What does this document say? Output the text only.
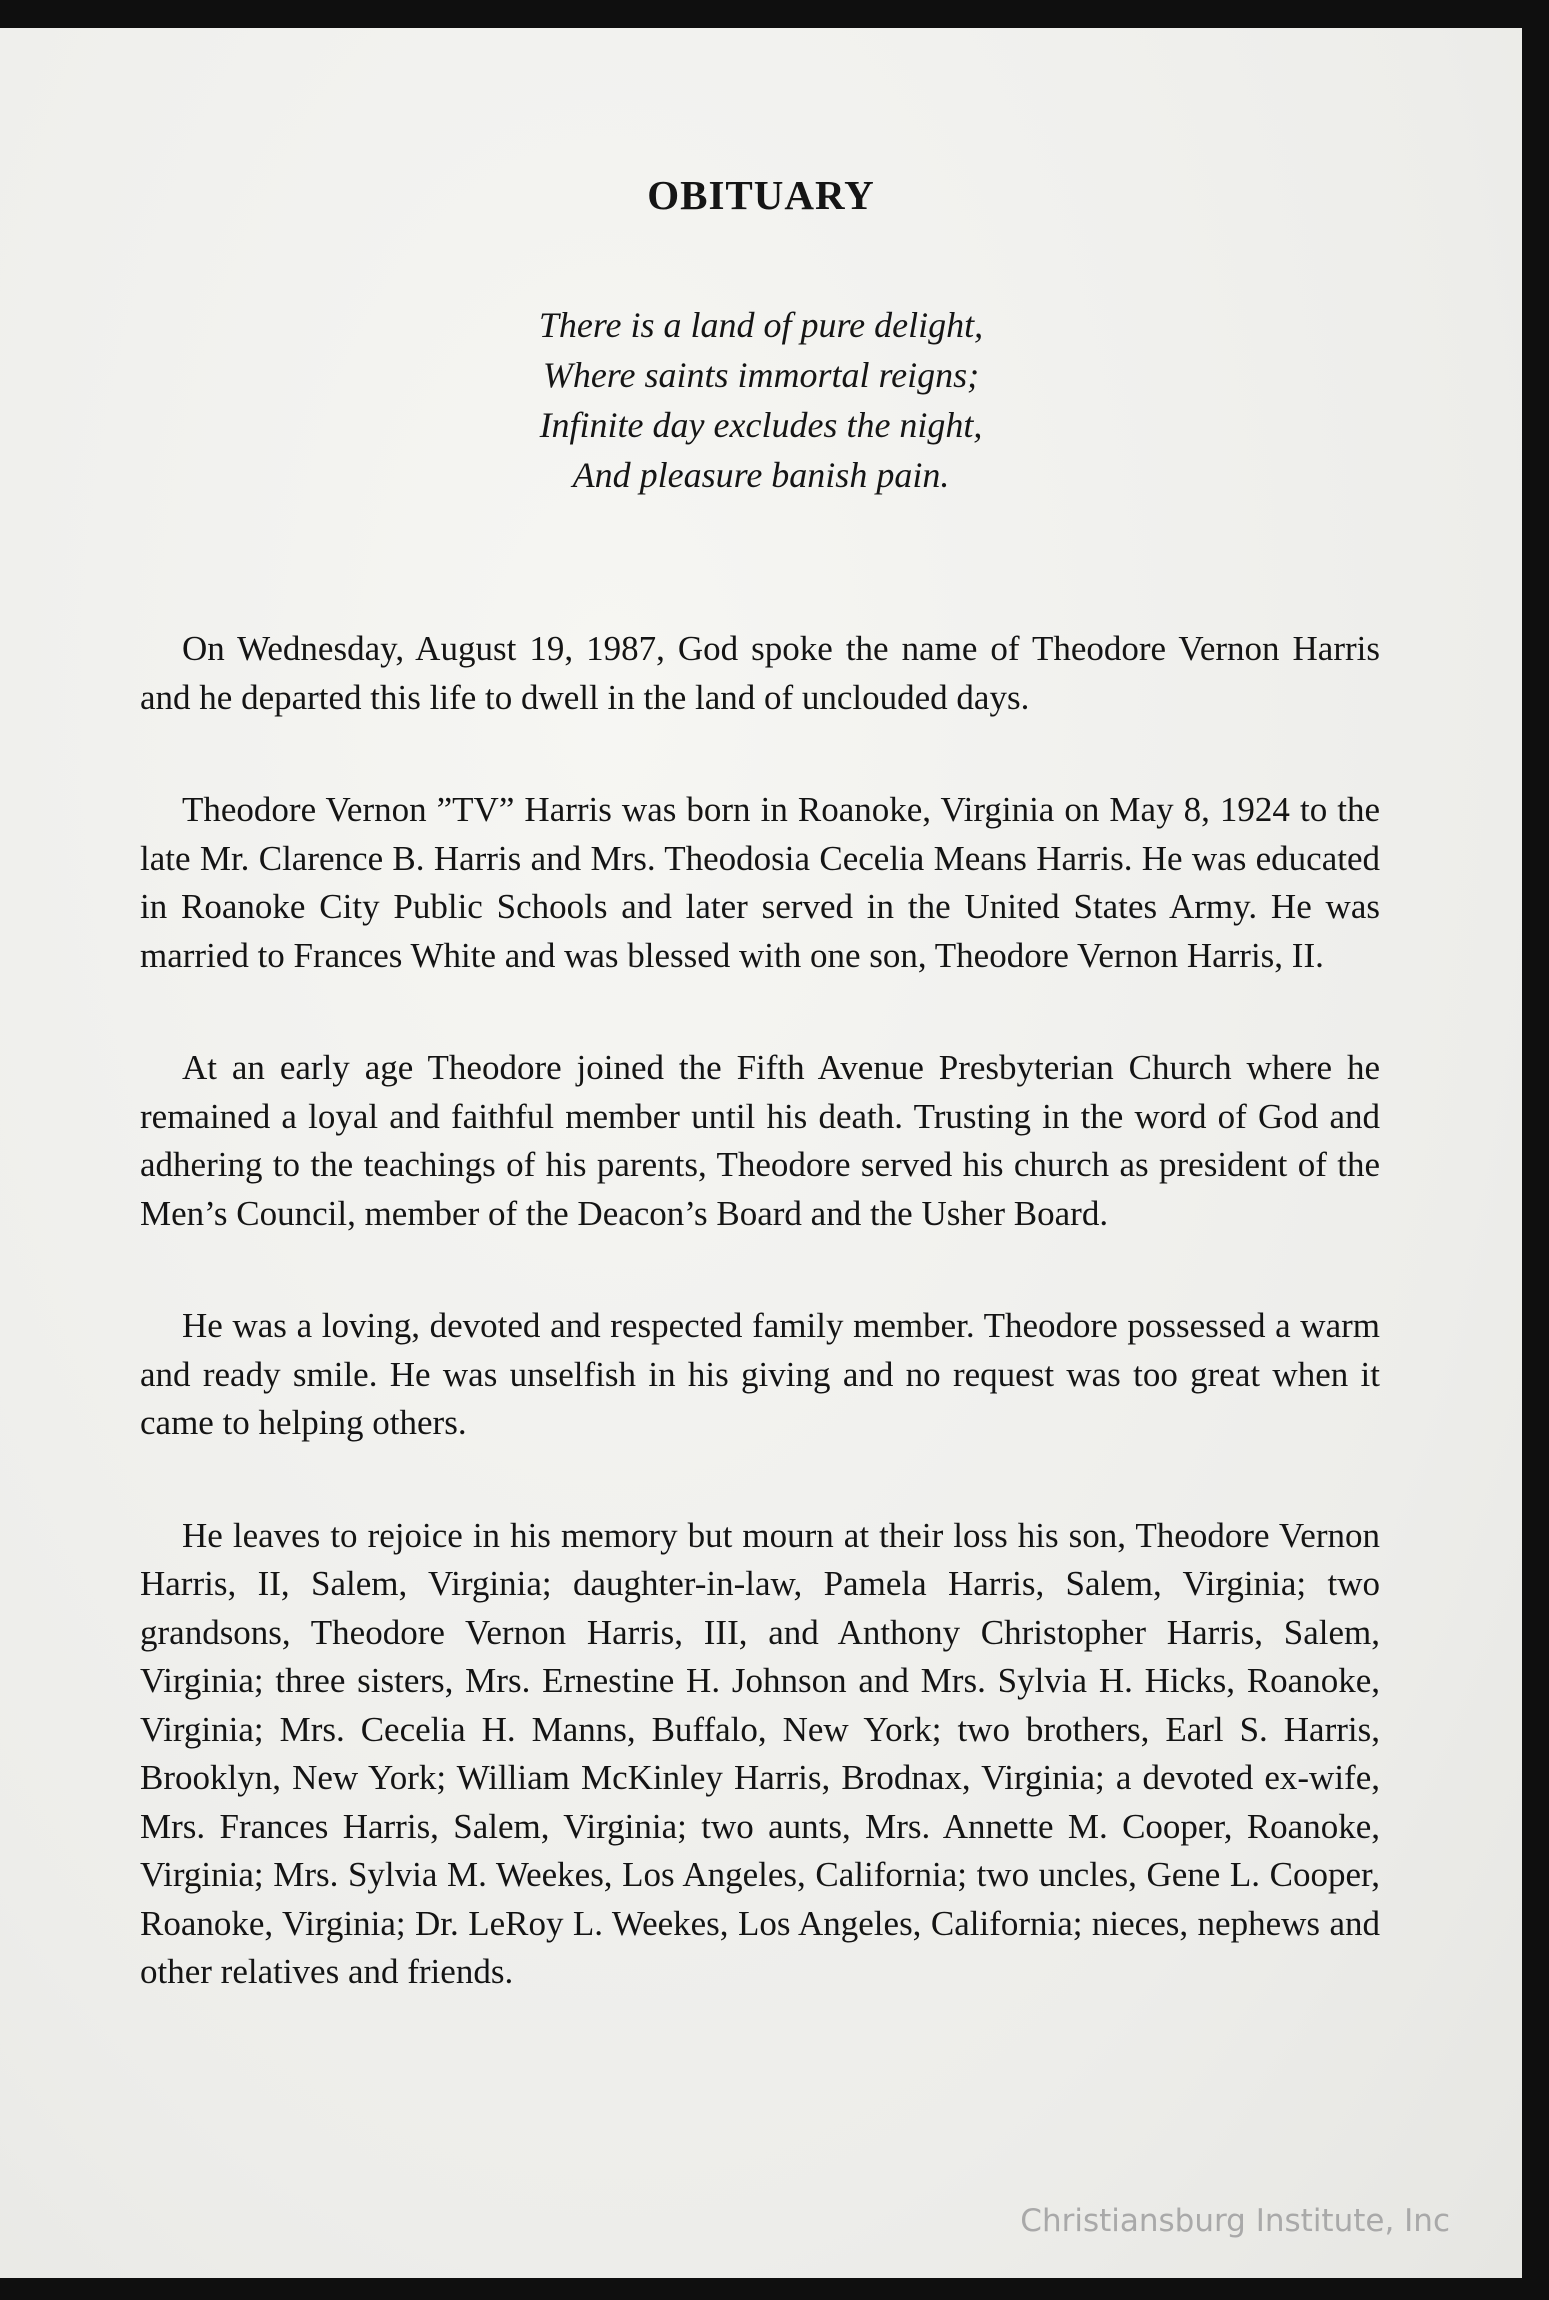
OBITUARY
There is a land of pure delight,
Where saints immortal reigns;
Infinite day excludes the night,
And pleasure banish pain.

On Wednesday, August 19, 1987, God spoke the name of Theodore Vernon Harris and he departed this life to dwell in the land of unclouded days.

Theodore Vernon ”TV” Harris was born in Roanoke, Virginia on May 8, 1924 to the late Mr. Clarence B. Harris and Mrs. Theodosia Cecelia Means Harris. He was educated in Roanoke City Public Schools and later served in the United States Army. He was married to Frances White and was blessed with one son, Theodore Vernon Harris, II.

At an early age Theodore joined the Fifth Avenue Presbyterian Church where he remained a loyal and faithful member until his death. Trusting in the word of God and adhering to the teachings of his parents, Theodore served his church as president of the Men’s Council, member of the Deacon’s Board and the Usher Board.

He was a loving, devoted and respected family member. Theodore possessed a warm and ready smile. He was unselfish in his giving and no request was too great when it came to helping others.

He leaves to rejoice in his memory but mourn at their loss his son, Theodore Vernon Harris, II, Salem, Virginia; daughter-in-law, Pamela Harris, Salem, Virginia; two grandsons, Theodore Vernon Harris, III, and Anthony Christopher Harris, Salem, Virginia; three sisters, Mrs. Ernestine H. Johnson and Mrs. Sylvia H. Hicks, Roanoke, Virginia; Mrs. Cecelia H. Manns, Buffalo, New York; two brothers, Earl S. Harris, Brooklyn, New York; William McKinley Harris, Brodnax, Virginia; a devoted ex-wife, Mrs. Frances Harris, Salem, Virginia; two aunts, Mrs. Annette M. Cooper, Roanoke, Virginia; Mrs. Sylvia M. Weekes, Los Angeles, California; two uncles, Gene L. Cooper, Roanoke, Virginia; Dr. LeRoy L. Weekes, Los Angeles, California; nieces, nephews and other relatives and friends.

Christiansburg Institute, Inc
